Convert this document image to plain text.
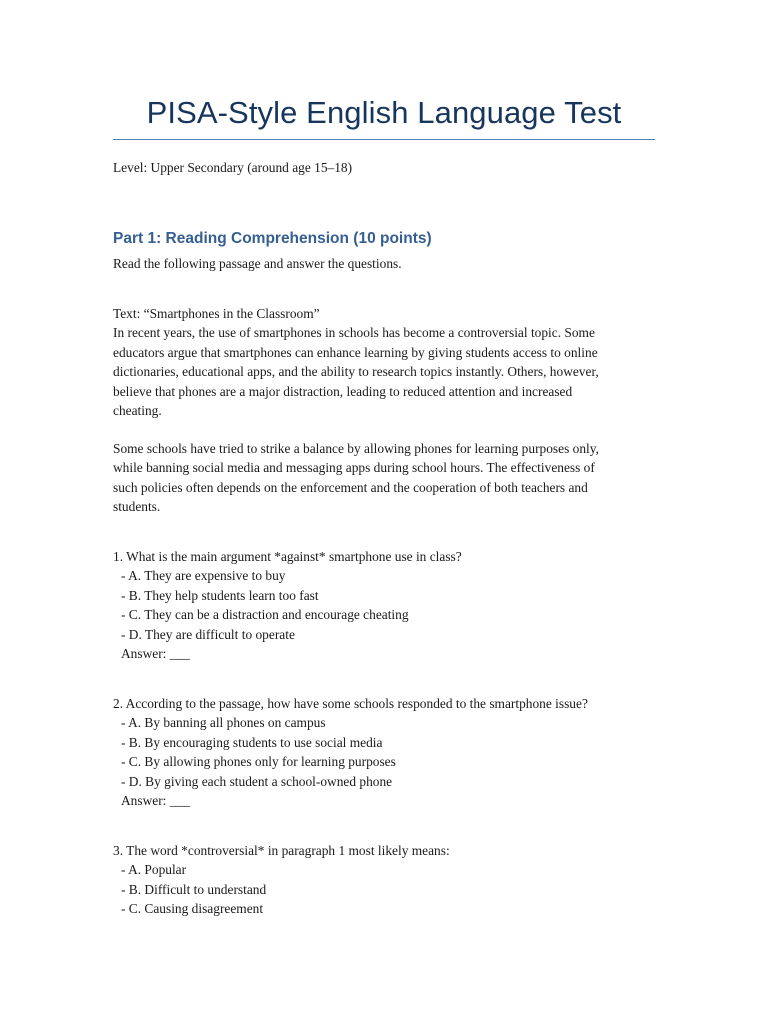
PISA-Style English Language Test

Level: Upper Secondary (around age 15–18)

Part 1: Reading Comprehension (10 points)

Read the following passage and answer the questions.

Text: “Smartphones in the Classroom”
In recent years, the use of smartphones in schools has become a controversial topic. Some
educators argue that smartphones can enhance learning by giving students access to online
dictionaries, educational apps, and the ability to research topics instantly. Others, however,
believe that phones are a major distraction, leading to reduced attention and increased
cheating.
Some schools have tried to strike a balance by allowing phones for learning purposes only,
while banning social media and messaging apps during school hours. The effectiveness of
such policies often depends on the enforcement and the cooperation of both teachers and
students.
1. What is the main argument *against* smartphone use in class?
- A. They are expensive to buy
- B. They help students learn too fast
- C. They can be a distraction and encourage cheating
- D. They are difficult to operate
Answer: ___
2. According to the passage, how have some schools responded to the smartphone issue?
- A. By banning all phones on campus
- B. By encouraging students to use social media
- C. By allowing phones only for learning purposes
- D. By giving each student a school-owned phone
Answer: ___
3. The word *controversial* in paragraph 1 most likely means:
- A. Popular
- B. Difficult to understand
- C. Causing disagreement
